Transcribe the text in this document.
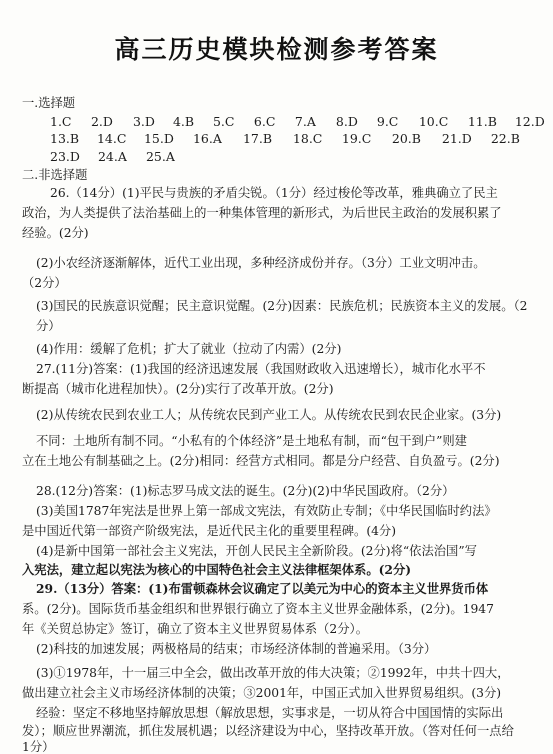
高三历史模块检测参考答案
一.选择题
1.C 2.D 3.D 4.B 5.C 6.C 7.A 8.D 9.C 10.C 11.B 12.D
13.B 14.C 15.D 16.A 17.B 18.C 19.C 20.B 21.D 22.B
23.D 24.A 25.A
二.非选择题
26.（14分）(1)平民与贵族的矛盾尖锐。（1分）经过梭伦等改革，雅典确立了民主
政治，为人类提供了法治基础上的一种集体管理的新形式，为后世民主政治的发展积累了
经验。(2分)
(2)小农经济逐渐解体，近代工业出现，多种经济成份并存。（3分）工业文明冲击。
（2分）
(3)国民的民族意识觉醒；民主意识觉醒。(2分)因素：民族危机；民族资本主义的发展。（2分）
(4)作用：缓解了危机；扩大了就业（拉动了内需）(2分)
27.(11分)答案：(1)我国的经济迅速发展（我国财政收入迅速增长），城市化水平不
断提高（城市化进程加快）。(2分)实行了改革开放。(2分)
(2)从传统农民到农业工人；从传统农民到产业工人。从传统农民到农民企业家。(3分)
不同：土地所有制不同。“小私有的个体经济”是土地私有制，而“包干到户”则建
立在土地公有制基础之上。(2分)相同：经营方式相同。都是分户经营、自负盈亏。(2分)
28.(12分)答案：(1)标志罗马成文法的诞生。(2分)(2)中华民国政府。（2分）
(3)美国1787年宪法是世界上第一部成文宪法，有效防止专制；《中华民国临时约法》
是中国近代第一部资产阶级宪法，是近代民主化的重要里程碑。(4分)
(4)是新中国第一部社会主义宪法，开创人民民主全新阶段。(2分)将“依法治国”写
入宪法，建立起以宪法为核心的中国特色社会主义法律框架体系。(2分)
29.（13分）答案：(1)布雷顿森林会议确定了以美元为中心的资本主义世界货币体
系。(2分)。国际货币基金组织和世界银行确立了资本主义世界金融体系，(2分)。1947
年《关贸总协定》签订，确立了资本主义世界贸易体系（2分）。
(2)科技的加速发展；两极格局的结束；市场经济体制的普遍采用。（3分）
(3)①1978年，十一届三中全会，做出改革开放的伟大决策；②1992年，中共十四大，
做出建立社会主义市场经济体制的决策；③2001年，中国正式加入世界贸易组织。(3分)
经验：坚定不移地坚持解放思想（解放思想，实事求是，一切从符合中国国情的实际出
发）；顺应世界潮流，抓住发展机遇；以经济建设为中心，坚持改革开放。（答对任何一点给
1分）
